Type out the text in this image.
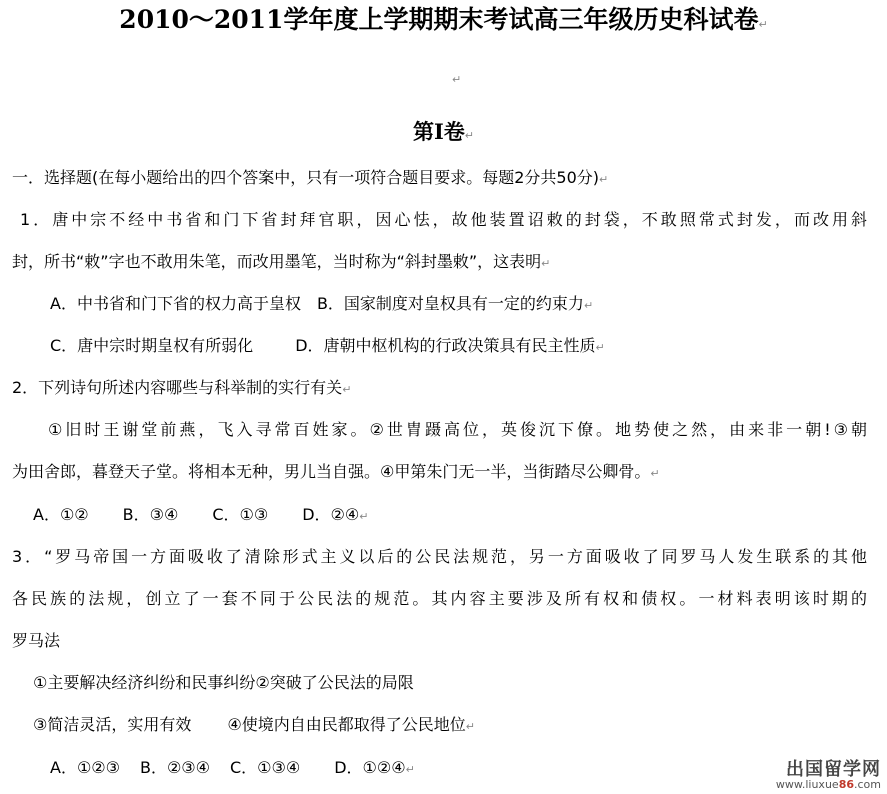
2010～2011学年度上学期期末考试高三年级历史科试卷↵
↵
第Ⅰ卷↵
一．选择题(在每小题给出的四个答案中，只有一项符合题目要求。每题2分共50分)↵
1．唐中宗不经中书省和门下省封拜官职，因心怯，故他装置诏敕的封袋，不敢照常式封发，而改用斜
封，所书“敕”字也不敢用朱笔，而改用墨笔，当时称为“斜封墨敕”，这表明↵
A．中书省和门下省的权力高于皇权 B．国家制度对皇权具有一定的约束力↵
C．唐中宗时期皇权有所弱化	D．唐朝中枢机构的行政决策具有民主性质↵
2．下列诗句所述内容哪些与科举制的实行有关↵
①旧时王谢堂前燕，飞入寻常百姓家。②世胄蹑高位，英俊沉下僚。地势使之然，由来非一朝!③朝
为田舍郎，暮登天子堂。将相本无种，男儿当自强。④甲第朱门无一半，当街踏尽公卿骨。↵
A．①② B．③④ C．①③ D．②④↵
3．“罗马帝国一方面吸收了清除形式主义以后的公民法规范，另一方面吸收了同罗马人发生联系的其他
各民族的法规，创立了一套不同于公民法的规范。其内容主要涉及所有权和债权。一材料表明该时期的
罗马法
①主要解决经济纠纷和民事纠纷②突破了公民法的局限
③简洁灵活，实用有效 ④使境内自由民都取得了公民地位↵
A．①②③ B．②③④ C．①③④ D．①②④↵	出国留学网
www.liuxue86.com
